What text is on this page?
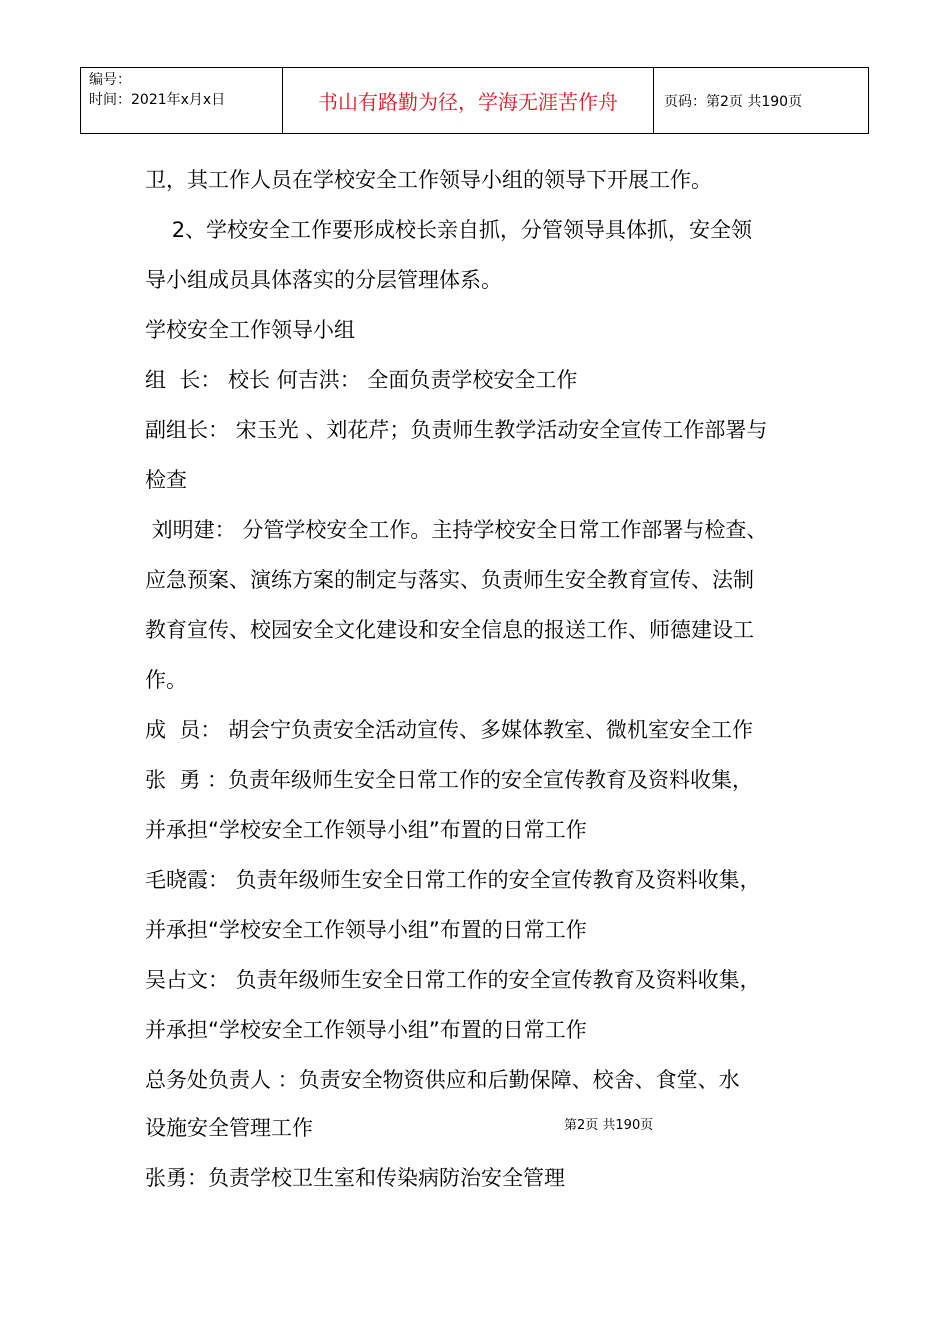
编号：
时间：2021年x月x日	书山有路勤为径，学海无涯苦作舟	页码：第2页 共190页
卫，其工作人员在学校安全工作领导小组的领导下开展工作。
2、学校安全工作要形成校长亲自抓，分管领导具体抓，安全领
导小组成员具体落实的分层管理体系。
学校安全工作领导小组
组  长： 校长 何吉洪： 全面负责学校安全工作
副组长： 宋玉光 、刘花芹；负责师生教学活动安全宣传工作部署与
检查
刘明建： 分管学校安全工作。主持学校安全日常工作部署与检查、
应急预案、演练方案的制定与落实、负责师生安全教育宣传、法制
教育宣传、校园安全文化建设和安全信息的报送工作、师德建设工
作。
成  员： 胡会宁负责安全活动宣传、多媒体教室、微机室安全工作
张  勇 ：负责年级师生安全日常工作的安全宣传教育及资料收集，
并承担“学校安全工作领导小组”布置的日常工作
毛晓霞： 负责年级师生安全日常工作的安全宣传教育及资料收集，
并承担“学校安全工作领导小组”布置的日常工作
吴占文： 负责年级师生安全日常工作的安全宣传教育及资料收集，
并承担“学校安全工作领导小组”布置的日常工作
总务处负责人 ：负责安全物资供应和后勤保障、校舍、食堂、水
设施安全管理工作
张勇：负责学校卫生室和传染病防治安全管理
第2页 共190页
